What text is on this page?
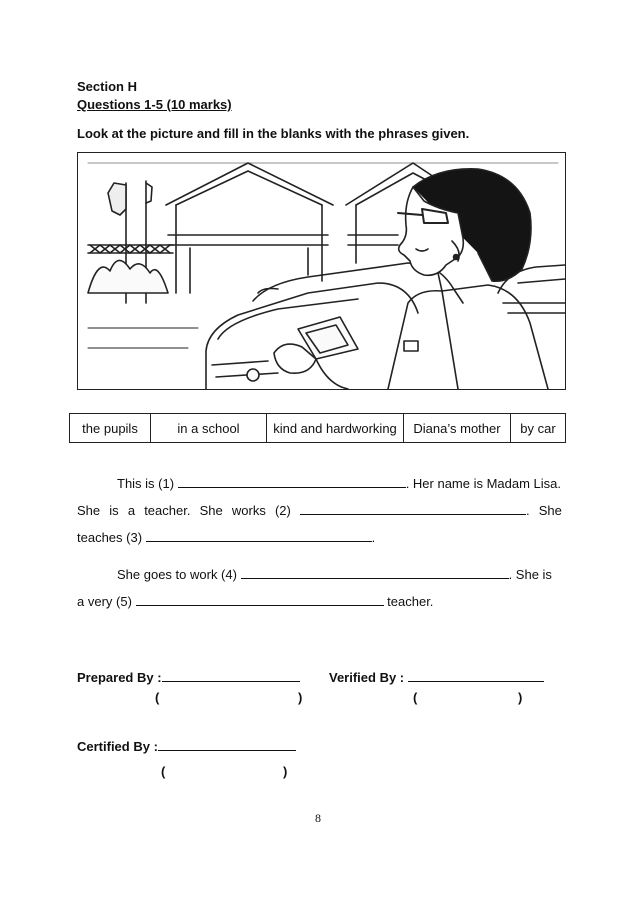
Section H
Questions 1-5 (10 marks)
Look at the picture and fill in the blanks with the phrases given.
the pupils	in a school	kind and hardworking	Diana’s mother	by car
This is (1)	. Her name is Madam Lisa.
She is a teacher. She works (2)	. She
teaches (3)	.
She goes to work (4)	. She is
a very (5)	teacher.
Prepared By :
(	)
Verified By :
(	)
Certified By :
(	)
8
